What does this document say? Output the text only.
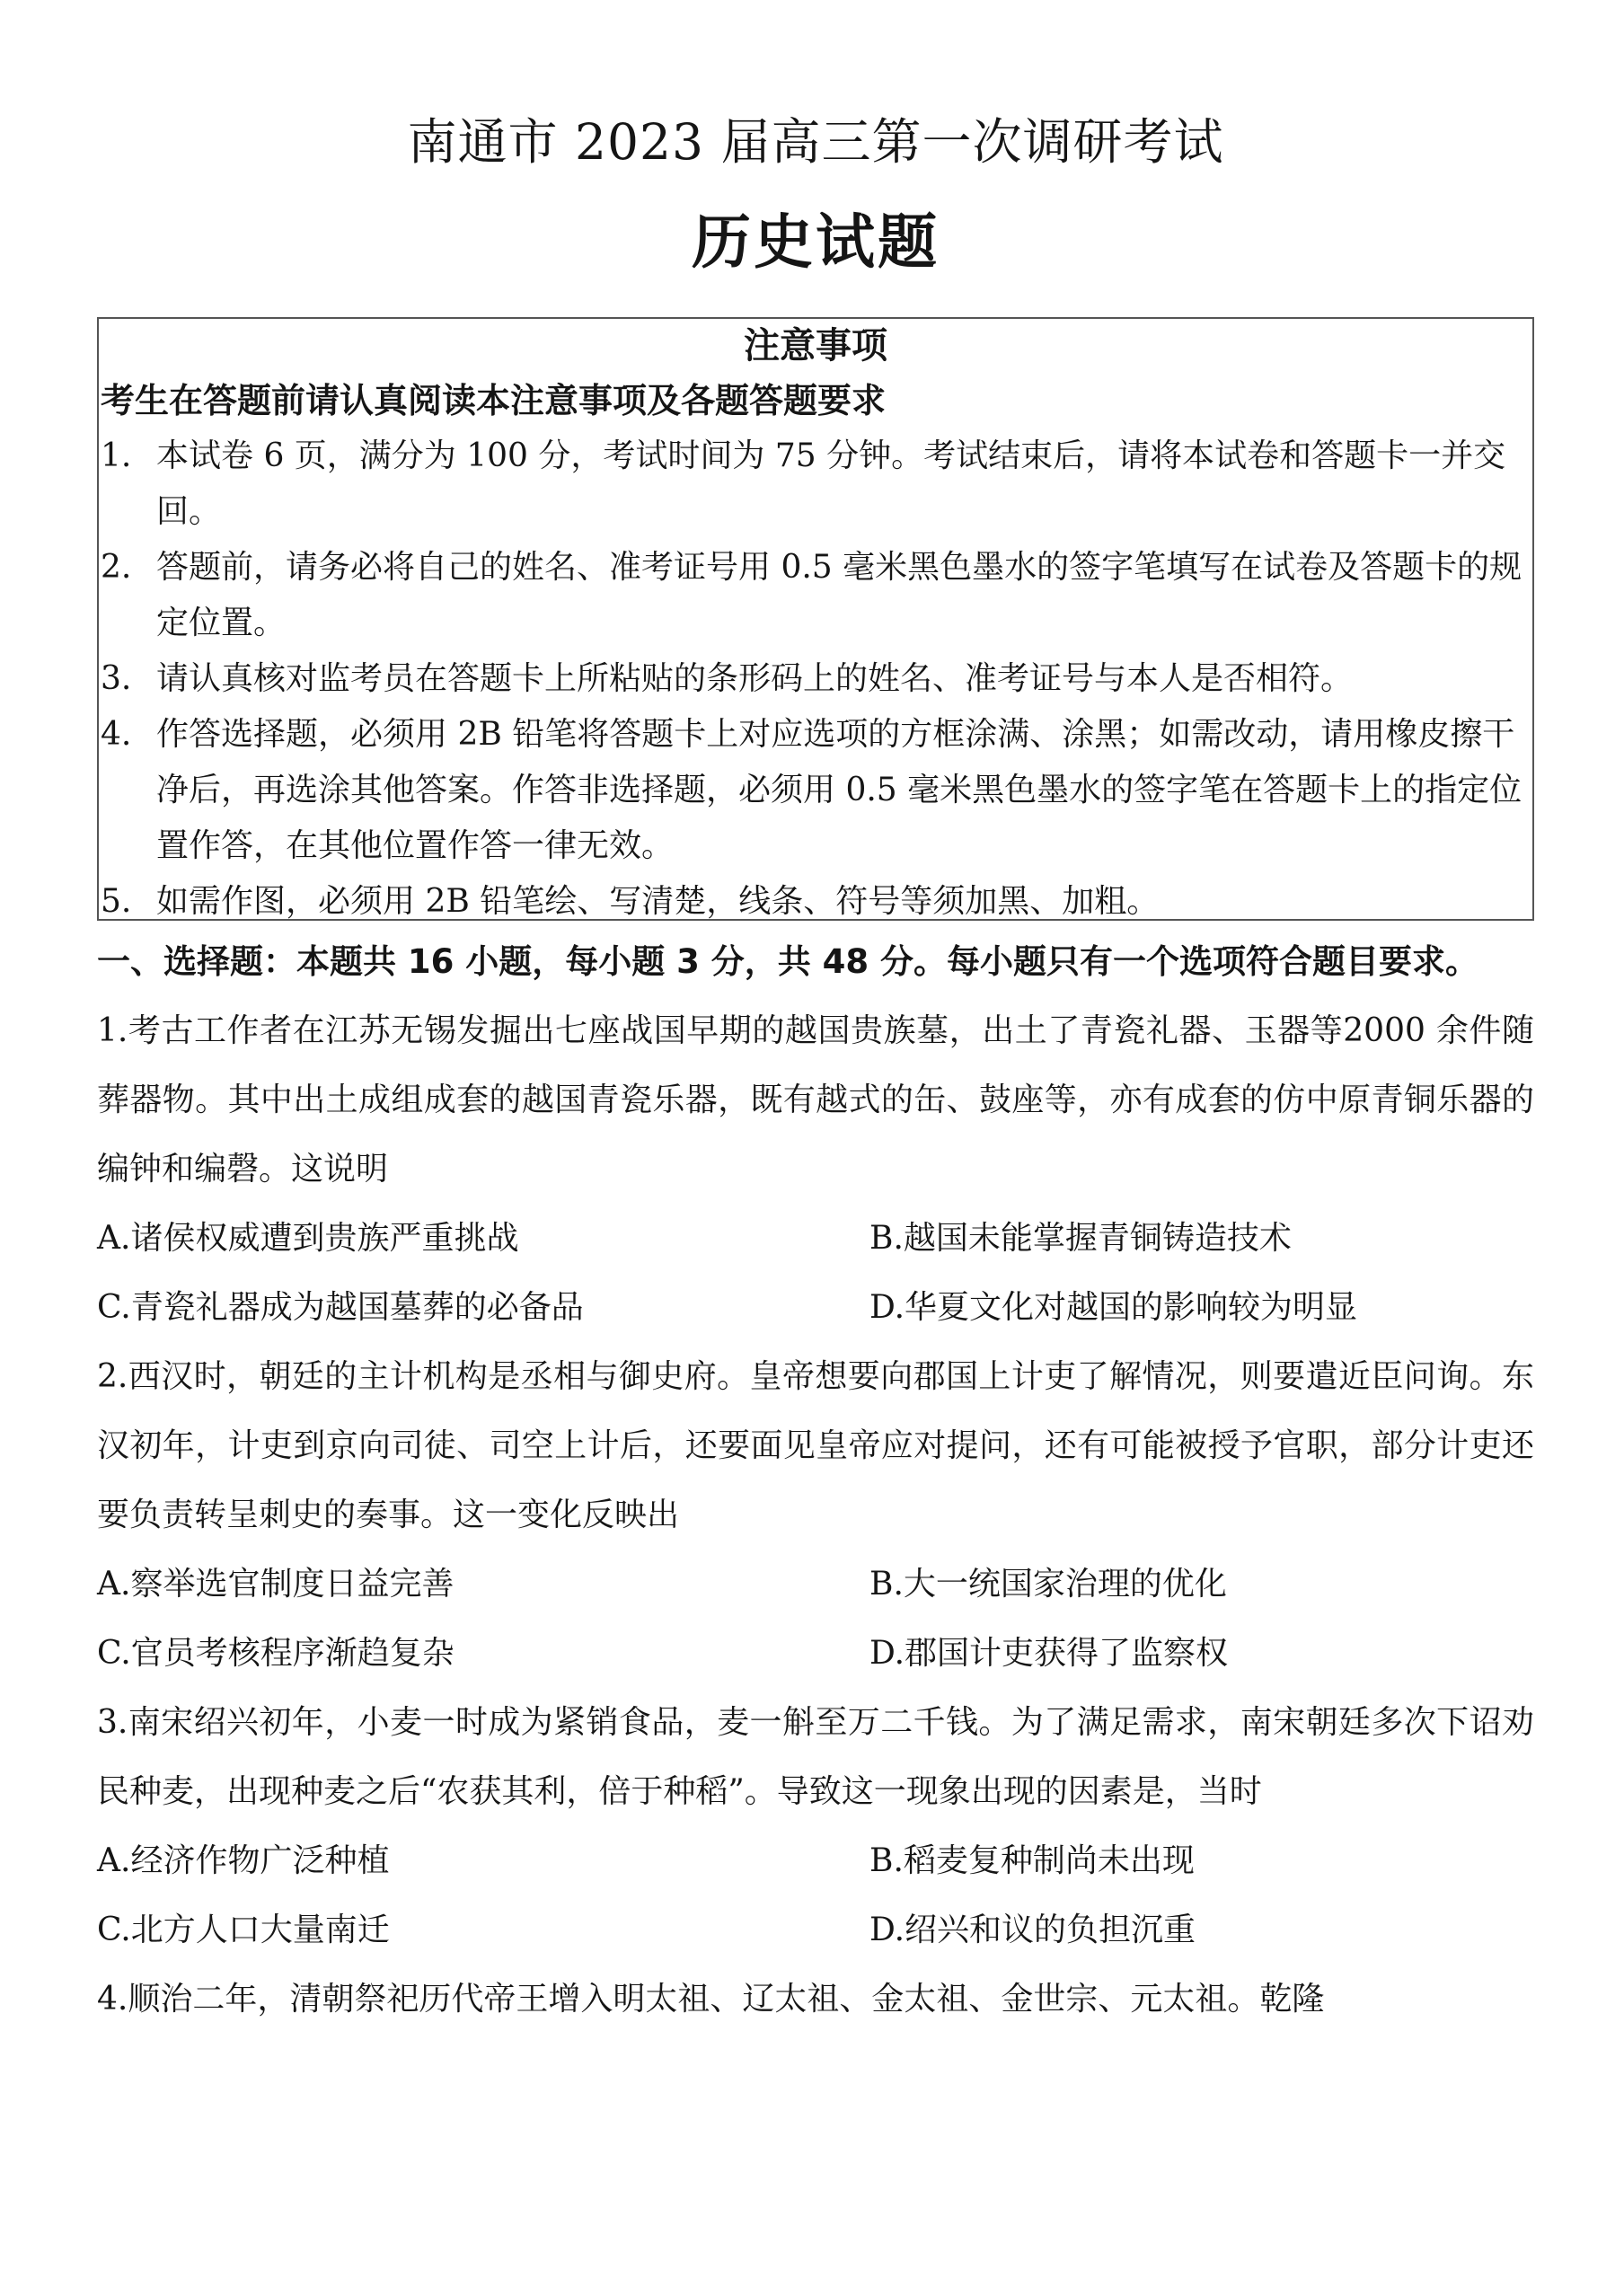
南通市 2023 届高三第一次调研考试
历史试题
注意事项
考生在答题前请认真阅读本注意事项及各题答题要求
1. 本试卷 6 页，满分为 100 分，考试时间为 75 分钟。考试结束后，请将本试卷和答题卡一并交回。
2. 答题前，请务必将自己的姓名、准考证号用 0.5 毫米黑色墨水的签字笔填写在试卷及答题卡的规定位置。
3. 请认真核对监考员在答题卡上所粘贴的条形码上的姓名、准考证号与本人是否相符。
4. 作答选择题，必须用 2B 铅笔将答题卡上对应选项的方框涂满、涂黑；如需改动，请用橡皮擦干净后，再选涂其他答案。作答非选择题，必须用 0.5 毫米黑色墨水的签字笔在答题卡上的指定位置作答，在其他位置作答一律无效。
5. 如需作图，必须用 2B 铅笔绘、写清楚，线条、符号等须加黑、加粗。
一、选择题：本题共 16 小题，每小题 3 分，共 48 分。每小题只有一个选项符合题目要求。
1.考古工作者在江苏无锡发掘出七座战国早期的越国贵族墓，出土了青瓷礼器、玉器等2000 余件随葬器物。其中出土成组成套的越国青瓷乐器，既有越式的缶、鼓座等，亦有成套的仿中原青铜乐器的编钟和编磬。这说明
A.诸侯权威遭到贵族严重挑战	B.越国未能掌握青铜铸造技术
C.青瓷礼器成为越国墓葬的必备品	D.华夏文化对越国的影响较为明显
2.西汉时，朝廷的主计机构是丞相与御史府。皇帝想要向郡国上计吏了解情况，则要遣近臣问询。东汉初年，计吏到京向司徒、司空上计后，还要面见皇帝应对提问，还有可能被授予官职，部分计吏还要负责转呈刺史的奏事。这一变化反映出
A.察举选官制度日益完善	B.大一统国家治理的优化
C.官员考核程序渐趋复杂	D.郡国计吏获得了监察权
3.南宋绍兴初年，小麦一时成为紧销食品，麦一斛至万二千钱。为了满足需求，南宋朝廷多次下诏劝民种麦，出现种麦之后“农获其利，倍于种稻”。导致这一现象出现的因素是，当时
A.经济作物广泛种植	B.稻麦复种制尚未出现
C.北方人口大量南迁	D.绍兴和议的负担沉重
4.顺治二年，清朝祭祀历代帝王增入明太祖、辽太祖、金太祖、金世宗、元太祖。乾隆
